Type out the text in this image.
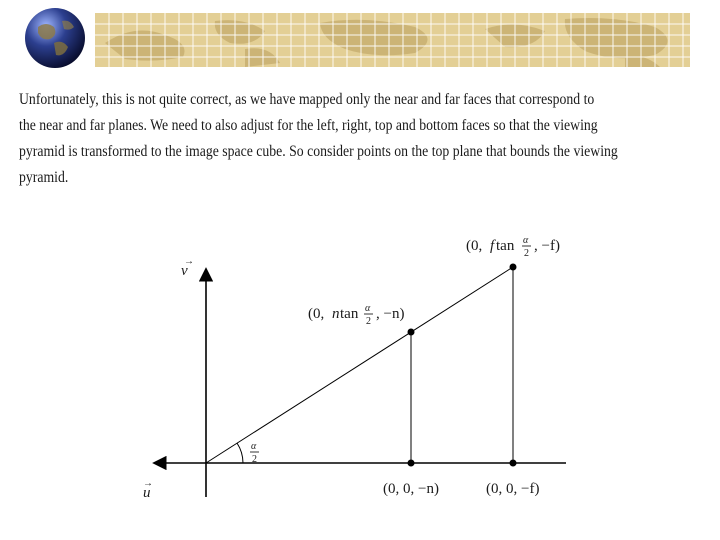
Unfortunately, this is not quite correct, as we have mapped only the near and far faces that correspond to
the near and far planes. We need to also adjust for the left, right, top and bottom faces so that the viewing
pyramid is transformed to the image space cube. So consider points on the top plane that bounds the viewing
pyramid.

v
→
u
→
α
2
(0, n tan α
2 , −n)
(0, f tan α
2 , −f)
(0, 0, −n)	(0, 0, −f)
